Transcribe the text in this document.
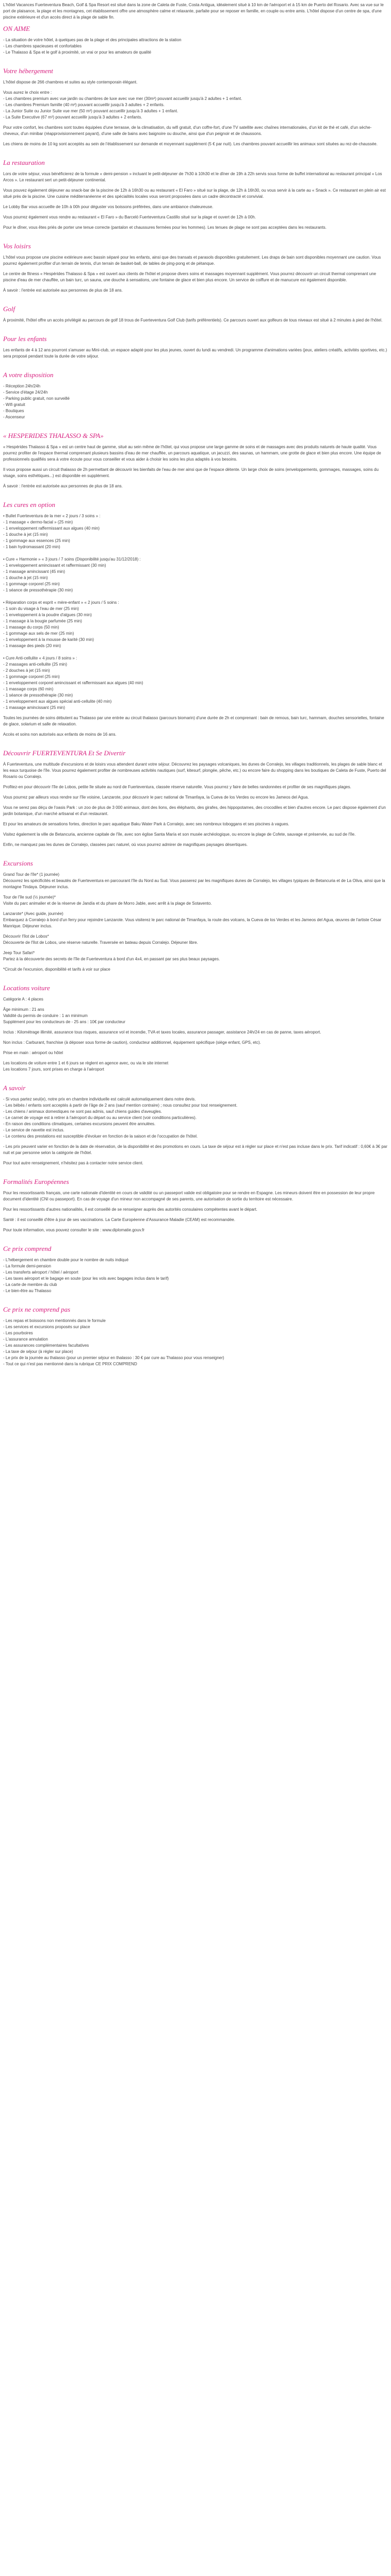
L'hôtel Vacances Fuerteventura Beach, Golf & Spa Resort est situé dans la zone de Caleta de Fuste, Costa Antigua, idéalement situé à 10 km de l'aéroport et à 15 km de Puerto del Rosario. Avec sa vue sur le port de plaisance, la plage et les montagnes, cet établissement offre une atmosphère calme et relaxante, parfaite pour se reposer en famille, en couple ou entre amis. L'hôtel dispose d'un centre de spa, d'une piscine extérieure et d'un accès direct à la plage de sable fin.

ON AIME
- La situation de votre hôtel, à quelques pas de la plage et des principales attractions de la station
- Les chambres spacieuses et confortables
- Le Thalasso & Spa et le golf à proximité, un vrai or pour les amateurs de qualité
Votre hébergement

L'hôtel dispose de 266 chambres et suites au style contemporain élégant.

Vous aurez le choix entre :
- Les chambres premium avec vue jardin ou chambres de luxe avec vue mer (30m²) pouvant accueillir jusqu'à 2 adultes + 1 enfant.
- Les chambres Premium famille (40 m²) pouvant accueillir jusqu'à 3 adultes + 2 enfants.
- La Junior Suite ou Junior Suite vue mer (50 m²) pouvant accueillir jusqu'à 3 adultes + 1 enfant.
- La Suite Executive (67 m²) pouvant accueillir jusqu'à 3 adultes + 2 enfants.

Pour votre confort, les chambres sont toutes équipées d'une terrasse, de la climatisation, du wifi gratuit, d'un coffre-fort, d'une TV satellite avec chaînes internationales, d'un kit de thé et café, d'un sèche-cheveux, d'un minibar (réapprovisionnement payant), d'une salle de bains avec baignoire ou douche, ainsi que d'un peignoir et de chaussons.

Les chiens de moins de 10 kg sont acceptés au sein de l'établissement sur demande et moyennant supplément (5 € par nuit). Les chambres pouvant accueillir les animaux sont situées au rez-de-chaussée.

La restauration

Lors de votre séjour, vous bénéficierez de la formule « demi-pension » incluant le petit-déjeuner de 7h30 à 10h30 et le dîner de 19h à 22h servis sous forme de buffet international au restaurant principal « Los Arcos ». Le restaurant sert un petit-déjeuner continental.

Vous pouvez également déjeuner au snack-bar de la piscine de 12h à 16h30 ou au restaurant « El Faro » situé sur la plage, de 12h à 16h30, ou vous servir à la carte au « Snack ». Ce restaurant en plein air est situé près de la piscine. Une cuisine méditerranéenne et des spécialités locales vous seront proposées dans un cadre décontracté et convivial.

Le Lobby Bar vous accueille de 10h à 00h pour déguster vos boissons préférées, dans une ambiance chaleureuse.

Vous pourrez également vous rendre au restaurant « El Faro » du Barceló Fuerteventura Castillo situé sur la plage et ouvert de 12h à 00h.

Pour le dîner, vous êtes priés de porter une tenue correcte (pantalon et chaussures fermées pour les hommes). Les tenues de plage ne sont pas acceptées dans les restaurants.

Vos loisirs

L'hôtel vous propose une piscine extérieure avec bassin séparé pour les enfants, ainsi que des transats et parasols disponibles gratuitement. Les draps de bain sont disponibles moyennant une caution. Vous pourrez également profiter d'un terrain de tennis, d'un terrain de basket-ball, de tables de ping-pong et de pétanque.

Le centre de fitness « Hespérides Thalasso & Spa » est ouvert aux clients de l'hôtel et propose divers soins et massages moyennant supplément. Vous pourrez découvrir un circuit thermal comprenant une piscine d'eau de mer chauffée, un bain turc, un sauna, une douche à sensations, une fontaine de glace et bien plus encore. Un service de coiffure et de manucure est également disponible.

À savoir : l'entrée est autorisée aux personnes de plus de 18 ans.

Golf

À proximité, l'hôtel offre un accès privilégié au parcours de golf 18 trous de Fuerteventura Golf Club (tarifs préférentiels). Ce parcours ouvert aux golfeurs de tous niveaux est situé à 2 minutes à pied de l'hôtel.

Pour les enfants

Les enfants de 4 à 12 ans pourront s'amuser au Mini-club, un espace adapté pour les plus jeunes, ouvert du lundi au vendredi. Un programme d'animations variées (jeux, ateliers créatifs, activités sportives, etc.) sera proposé pendant toute la durée de votre séjour.

A votre disposition
- Réception 24h/24h
- Service d'étage 24/24h
- Parking public gratuit, non surveillé
- Wifi gratuit
- Boutiques
- Ascenseur
« HESPERIDES THALASSO & SPA»

« Hespérides Thalasso & Spa » est un centre haut de gamme, situé au sein même de l'hôtel, qui vous propose une large gamme de soins et de massages avec des produits naturels de haute qualité. Vous pourrez profiter de l'espace thermal comprenant plusieurs bassins d'eau de mer chauffée, un parcours aquatique, un jacuzzi, des saunas, un hammam, une grotte de glace et bien plus encore. Une équipe de professionnels qualifiés sera à votre écoute pour vous conseiller et vous aider à choisir les soins les plus adaptés à vos besoins.

Il vous propose aussi un circuit thalasso de 2h permettant de découvrir les bienfaits de l'eau de mer ainsi que de l'espace détente. Un large choix de soins (enveloppements, gommages, massages, soins du visage, soins esthétiques...) est disponible en supplément.

À savoir : l'entrée est autorisée aux personnes de plus de 18 ans.

Les cures en option
• Bullet Fuerteventura de la mer « 2 jours / 3 soins » :
- 1 massage « dermo-facial » (25 min)
- 1 enveloppement raffermissant aux algues (40 min)
- 1 douche à jet (15 min)
- 1 gommage aux essences (25 min)
- 1 bain hydromassant (20 min)
• Cure « Harmonie » « 3 jours / 7 soins (Disponibilité jusqu'au 31/12/2018) :
- 1 enveloppement amincissant et raffermissant (30 min)
- 1 massage amincissant (45 min)
- 1 douche à jet (15 min)
- 1 gommage corporel (25 min)
- 1 séance de pressothérapie (30 min)
• Réparation corps et esprit « mère-enfant » « 2 jours / 5 soins :
- 1 soin du visage à l'eau de mer (25 min)
- 1 enveloppement à la poudre d'algues (30 min)
- 1 massage à la bougie parfumée (25 min)
- 1 massage du corps (50 min)
- 1 gommage aux sels de mer (25 min)
- 1 enveloppement à la mousse de karité (30 min)
- 1 massage des pieds (20 min)
• Cure Anti-cellulite « 4 jours / 8 soins » :
- 2 massages anti-cellulite (25 min)
- 2 douches à jet (15 min)
- 1 gommage corporel (25 min)
- 1 enveloppement corporel amincissant et raffermissant aux algues (40 min)
- 1 massage corps (60 min)
- 1 séance de pressothérapie (30 min)
- 1 enveloppement aux algues spécial anti-cellulite (40 min)
- 1 massage amincissant (25 min)

Toutes les journées de soins débutent au Thalasso par une entrée au circuit thalasso (parcours biomarin) d'une durée de 2h et comprenant : bain de remous, bain turc, hammam, douches sensorielles, fontaine de glace, solarium et salle de relaxation.

Accès et soins non autorisés aux enfants de moins de 16 ans.

Découvrir FUERTEVENTURA Et Se Divertir

À Fuerteventura, une multitude d'excursions et de loisirs vous attendent durant votre séjour. Découvrez les paysages volcaniques, les dunes de Corralejo, les villages traditionnels, les plages de sable blanc et les eaux turquoise de l'île. Vous pourrez également profiter de nombreuses activités nautiques (surf, kitesurf, plongée, pêche, etc.) ou encore faire du shopping dans les boutiques de Caleta de Fuste, Puerto del Rosario ou Corralejo.

Profitez-en pour découvrir l'île de Lobos, petite île située au nord de Fuerteventura, classée réserve naturelle. Vous pourrez y faire de belles randonnées et profiter de ses magnifiques plages.

Vous pourrez par ailleurs vous rendre sur l'île voisine, Lanzarote, pour découvrir le parc national de Timanfaya, la Cueva de los Verdes ou encore les Jameos del Agua.

Vous ne serez pas déçu de l'oasis Park : un zoo de plus de 3 000 animaux, dont des lions, des éléphants, des girafes, des hippopotames, des crocodiles et bien d'autres encore. Le parc dispose également d'un jardin botanique, d'un marché artisanal et d'un restaurant.

Et pour les amateurs de sensations fortes, direction le parc aquatique Baku Water Park à Corralejo, avec ses nombreux toboggans et ses piscines à vagues.

Visitez également la ville de Betancuria, ancienne capitale de l'île, avec son église Santa María et son musée archéologique, ou encore la plage de Cofete, sauvage et préservée, au sud de l'île.

Enfin, ne manquez pas les dunes de Corralejo, classées parc naturel, où vous pourrez admirer de magnifiques paysages désertiques.

Excursions

Grand Tour de l'île* (1 journée)
Découvrez les spécificités et beautés de Fuerteventura en parcourant l'île du Nord au Sud. Vous passerez par les magnifiques dunes de Corralejo, les villages typiques de Betancuria et de La Oliva, ainsi que la montagne Tindaya. Déjeuner inclus.

Tour de l'île sud (½ journée)*
Visite du parc animalier et de la réserve de Jandía et du phare de Morro Jable, avec arrêt à la plage de Sotavento.

Lanzarote* (Avec guide, journée)
Embarquez à Corralejo à bord d'un ferry pour rejoindre Lanzarote. Vous visiterez le parc national de Timanfaya, la route des volcans, la Cueva de los Verdes et les Jameos del Agua, œuvres de l'artiste César Manrique. Déjeuner inclus.

Découvrir l'îlot de Lobos*
Découverte de l'îlot de Lobos, une réserve naturelle. Traversée en bateau depuis Corralejo. Déjeuner libre.

Jeep Tour Safari*
Partez à la découverte des secrets de l'île de Fuerteventura à bord d'un 4x4, en passant par ses plus beaux paysages.

*Circuit de l'excursion, disponibilité et tarifs à voir sur place

Locations voiture

Catégorie A : 4 places

Âge minimum : 21 ans
Validité du permis de conduire : 1 an minimum
Supplément pour les conducteurs de - 25 ans : 10€ par conducteur

Inclus : Kilométrage illimité, assurance tous risques, assurance vol et incendie, TVA et taxes locales, assurance passager, assistance 24h/24 en cas de panne, taxes aéroport.

Non inclus : Carburant, franchise (à déposer sous forme de caution), conducteur additionnel, équipement spécifique (siège enfant, GPS, etc).

Prise en main : aéroport ou hôtel

Les locations de voiture entre 1 et 6 jours se règlent en agence avec, ou via le site internet
Les locations 7 jours, sont prises en charge à l'aéroport

A savoir
- Si vous partez seul(e), notre prix en chambre individuelle est calculé automatiquement dans notre devis.
- Les bébés / enfants sont acceptés à partir de l'âge de 2 ans (sauf mention contraire) ; nous consultez pour tout renseignement.
- Les chiens / animaux domestiques ne sont pas admis, sauf chiens guides d'aveugles.
- Le carnet de voyage est à retirer à l'aéroport du départ ou au service client (voir conditions particulières).
- En raison des conditions climatiques, certaines excursions peuvent être annulées.
- Le service de navette est inclus.
- Le contenu des prestations est susceptible d'évoluer en fonction de la saison et de l'occupation de l'hôtel.

- Les prix peuvent varier en fonction de la date de réservation, de la disponibilité et des promotions en cours. La taxe de séjour est à régler sur place et n'est pas incluse dans le prix. Tarif indicatif : 0,60€ à 3€ par nuit et par personne selon la catégorie de l'hôtel.

Pour tout autre renseignement, n'hésitez pas à contacter notre service client.

Formalités Européennes

Pour les ressortissants français, une carte nationale d'identité en cours de validité ou un passeport valide est obligatoire pour se rendre en Espagne. Les mineurs doivent être en possession de leur propre document d'identité (CNI ou passeport). En cas de voyage d'un mineur non accompagné de ses parents, une autorisation de sortie du territoire est nécessaire.

Pour les ressortissants d'autres nationalités, il est conseillé de se renseigner auprès des autorités consulaires compétentes avant le départ.

Santé : il est conseillé d'être à jour de ses vaccinations. La Carte Européenne d'Assurance Maladie (CEAM) est recommandée.

Pour toute information, vous pouvez consulter le site : www.diplomatie.gouv.fr

Ce prix comprend
- L'hébergement en chambre double pour le nombre de nuits indiqué
- La formule demi-pension
- Les transferts aéroport / hôtel / aéroport
- Les taxes aéroport et le bagage en soute (pour les vols avec bagages inclus dans le tarif)
- La carte de membre du club
- Le bien-être au Thalasso
Ce prix ne comprend pas
- Les repas et boissons non mentionnés dans le formule
- Les services et excursions proposés sur place
- Les pourboires
- L'assurance annulation
- Les assurances complémentaires facultatives
- La taxe de séjour (à régler sur place)
- Le prix de la journée au thalasso (pour un premier séjour en thalasso : 30 € par cure au Thalasso pour vous renseigner)
- Tout ce qui n'est pas mentionné dans la rubrique CE PRIX COMPREND
